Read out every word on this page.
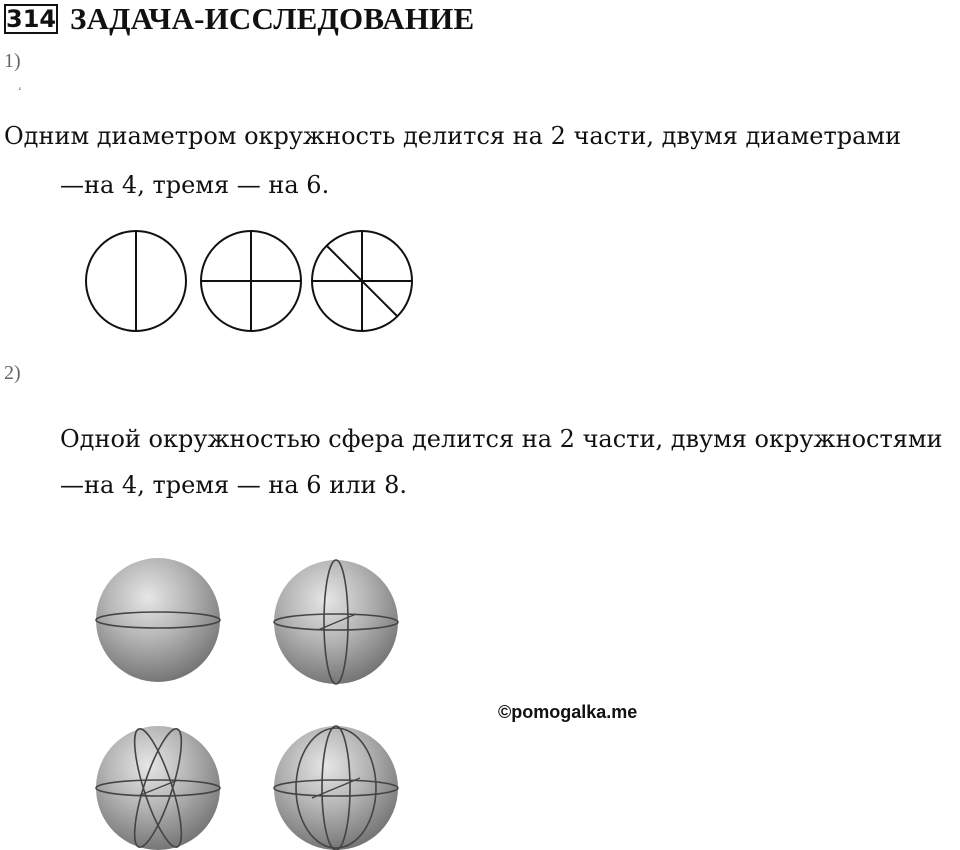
314 ЗАДАЧА-ИССЛЕДОВАНИЕ
1)
‘
Одним диаметром окружность делится на 2 части, двумя диаметрами
—на 4, тремя — на 6.
2)
Одной окружностью сфера делится на 2 части, двумя окружностями
—на 4, тремя — на 6 или 8.
©pomogalka.me
